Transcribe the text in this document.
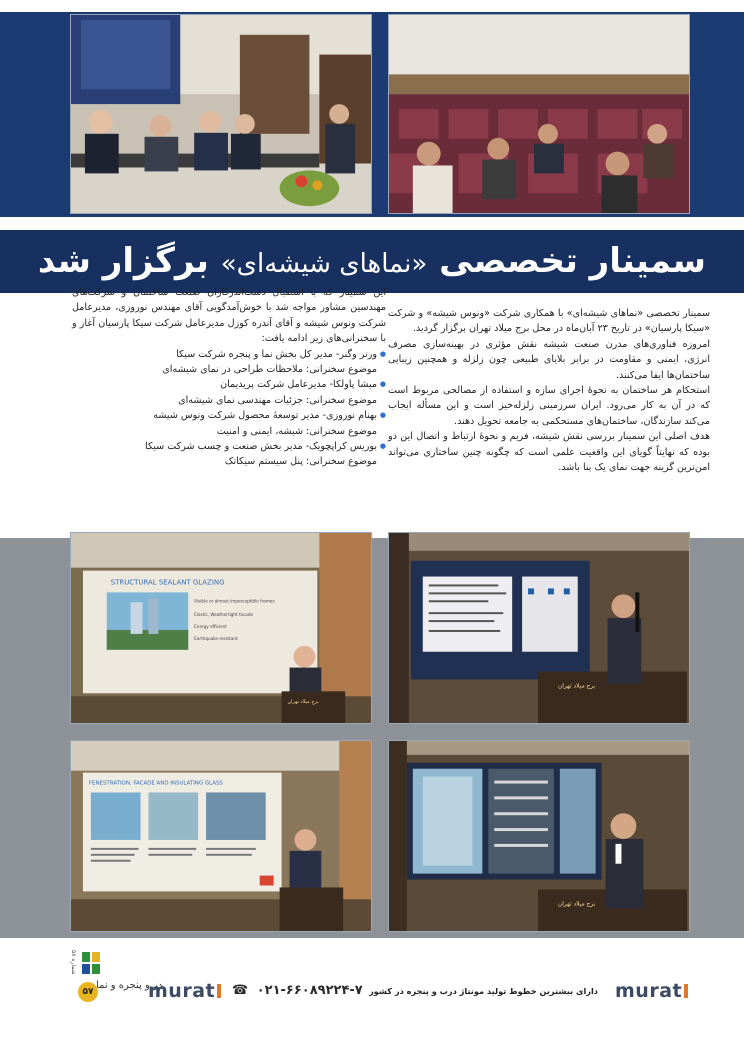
سمینار تخصصی «نماهای شیشه‌ای» برگزار شد

سمینار تخصصی «نماهای شیشه‌ای» با همکاری شرکت «ونوس شیشه» و شرکت «سیکا پارسیان» در تاریخ ۲۳ آبان‌ماه در محل برج میلاد تهران برگزار گردید.

امروزه فناوری‌های مدرن صنعت شیشه نقش مؤثری در بهینه‌سازی مصرف انرژی، ایمنی و مقاومت در برابر بلایای طبیعی چون زلزله و همچنین زیبایی ساختمان‌ها ایفا می‌کنند.

استحکام هر ساختمان به نحوهٔ اجرای سازه و استفاده از مصالحی مربوط است که در آن به کار می‌رود. ایران سرزمینی زلزله‌خیز است و این مسأله ایجاب می‌کند سازندگان، ساختمان‌های مستحکمی به جامعه تحویل دهند.

هدف اصلی این سمینار بررسی نقش شیشه، فریم و نحوهٔ ارتباط و اتصال این دو بوده که نهایتاً گویای این واقعیت علمی است که چگونه چنین ساختاری می‌تواند امن‌ترین گزینه جهت نمای یک بنا باشد.

این سمینار که با استقبال دست‌اندرکاران صنعت ساختمان و شرکت‌های مهندسین مشاور مواجه شد با خوش‌آمدگویی آقای مهندس نوروزی، مدیرعامل شرکت ونوس شیشه و آقای آندره کوزل مدیرعامل شرکت سیکا پارسیان آغاز و با سخنرانی‌های زیر ادامه یافت:

● ورنر وگنر- مدیر کل بخش نما و پنجره شرکت سیکا

موضوع سخنرانی: ملاحظات طراحی در نمای شیشه‌ای

● میشا پاولکا- مدیرعامل شرکت پریدیمان

موضوع سخنرانی: جزئیات مهندسی نمای شیشه‌ای

● بهنام نوروزی- مدیر توسعهٔ محصول شرکت ونوس شیشه

موضوع سخنرانی: شیشه، ایمنی و امنیت

● بوریس کراپچویک- مدیر بخش صنعت و چسب شرکت سیکا

موضوع سخنرانی: پنل سیستم سیکاتک

STRUCTURAL SEALANT GLAZING
Visible or almost imperceptible frames
Elastic, Weathertight facade
Energy efficient
Earthquake-resistant
برج میلاد تهران
برج میلاد تهران
FENESTRATION, FACADE AND INSULATING GLASS
برج میلاد تهران
شماره ۵۸
۵۷
در و پنجره و نما
murat	☎ ۰۲۱-۶۶۰۸۹۲۲۴-۷ دارای بیشترین خطوط تولید مونتاژ درب و پنجره در کشور murat
